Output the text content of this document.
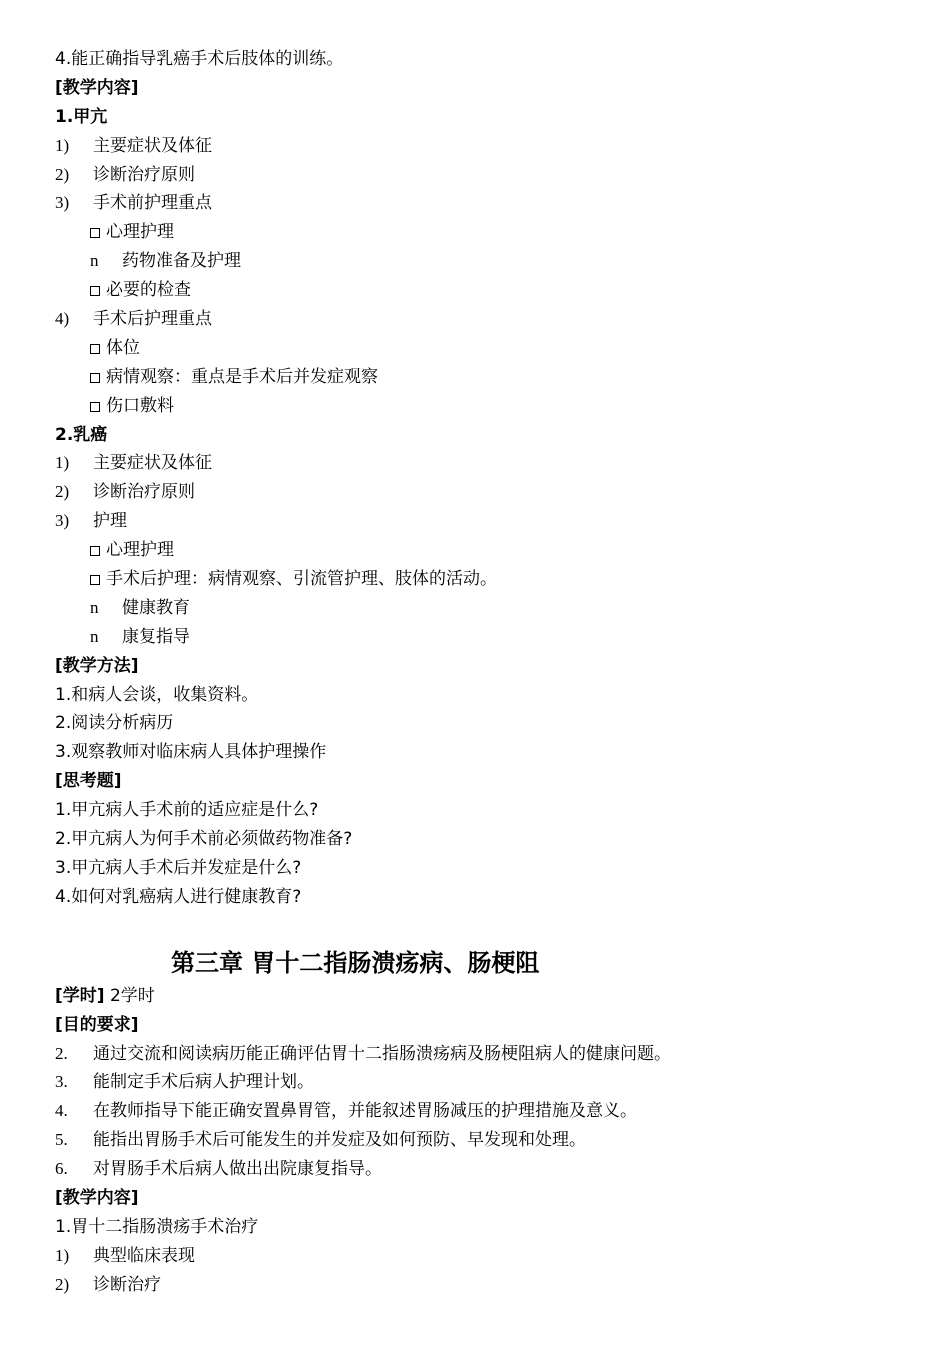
4.能正确指导乳癌手术后肢体的训练。
[教学内容]
1.甲亢
1) 主要症状及体征
2) 诊断治疗原则
3) 手术前护理重点
心理护理
n 药物准备及护理
必要的检查
4) 手术后护理重点
体位
病情观察：重点是手术后并发症观察
伤口敷料
2.乳癌
1) 主要症状及体征
2) 诊断治疗原则
3) 护理
心理护理
手术后护理：病情观察、引流管护理、肢体的活动。
n 健康教育
n 康复指导
[教学方法]
1.和病人会谈，收集资料。
2.阅读分析病历
3.观察教师对临床病人具体护理操作
[思考题]
1.甲亢病人手术前的适应症是什么?
2.甲亢病人为何手术前必须做药物准备?
3.甲亢病人手术后并发症是什么?
4.如何对乳癌病人进行健康教育?
第三章 胃十二指肠溃疡病、肠梗阻
[学时] 2学时
[目的要求]
2. 通过交流和阅读病历能正确评估胃十二指肠溃疡病及肠梗阻病人的健康问题。
3. 能制定手术后病人护理计划。
4. 在教师指导下能正确安置鼻胃管，并能叙述胃肠减压的护理措施及意义。
5. 能指出胃肠手术后可能发生的并发症及如何预防、早发现和处理。
6. 对胃肠手术后病人做出出院康复指导。
[教学内容]
1.胃十二指肠溃疡手术治疗
1) 典型临床表现
2) 诊断治疗
